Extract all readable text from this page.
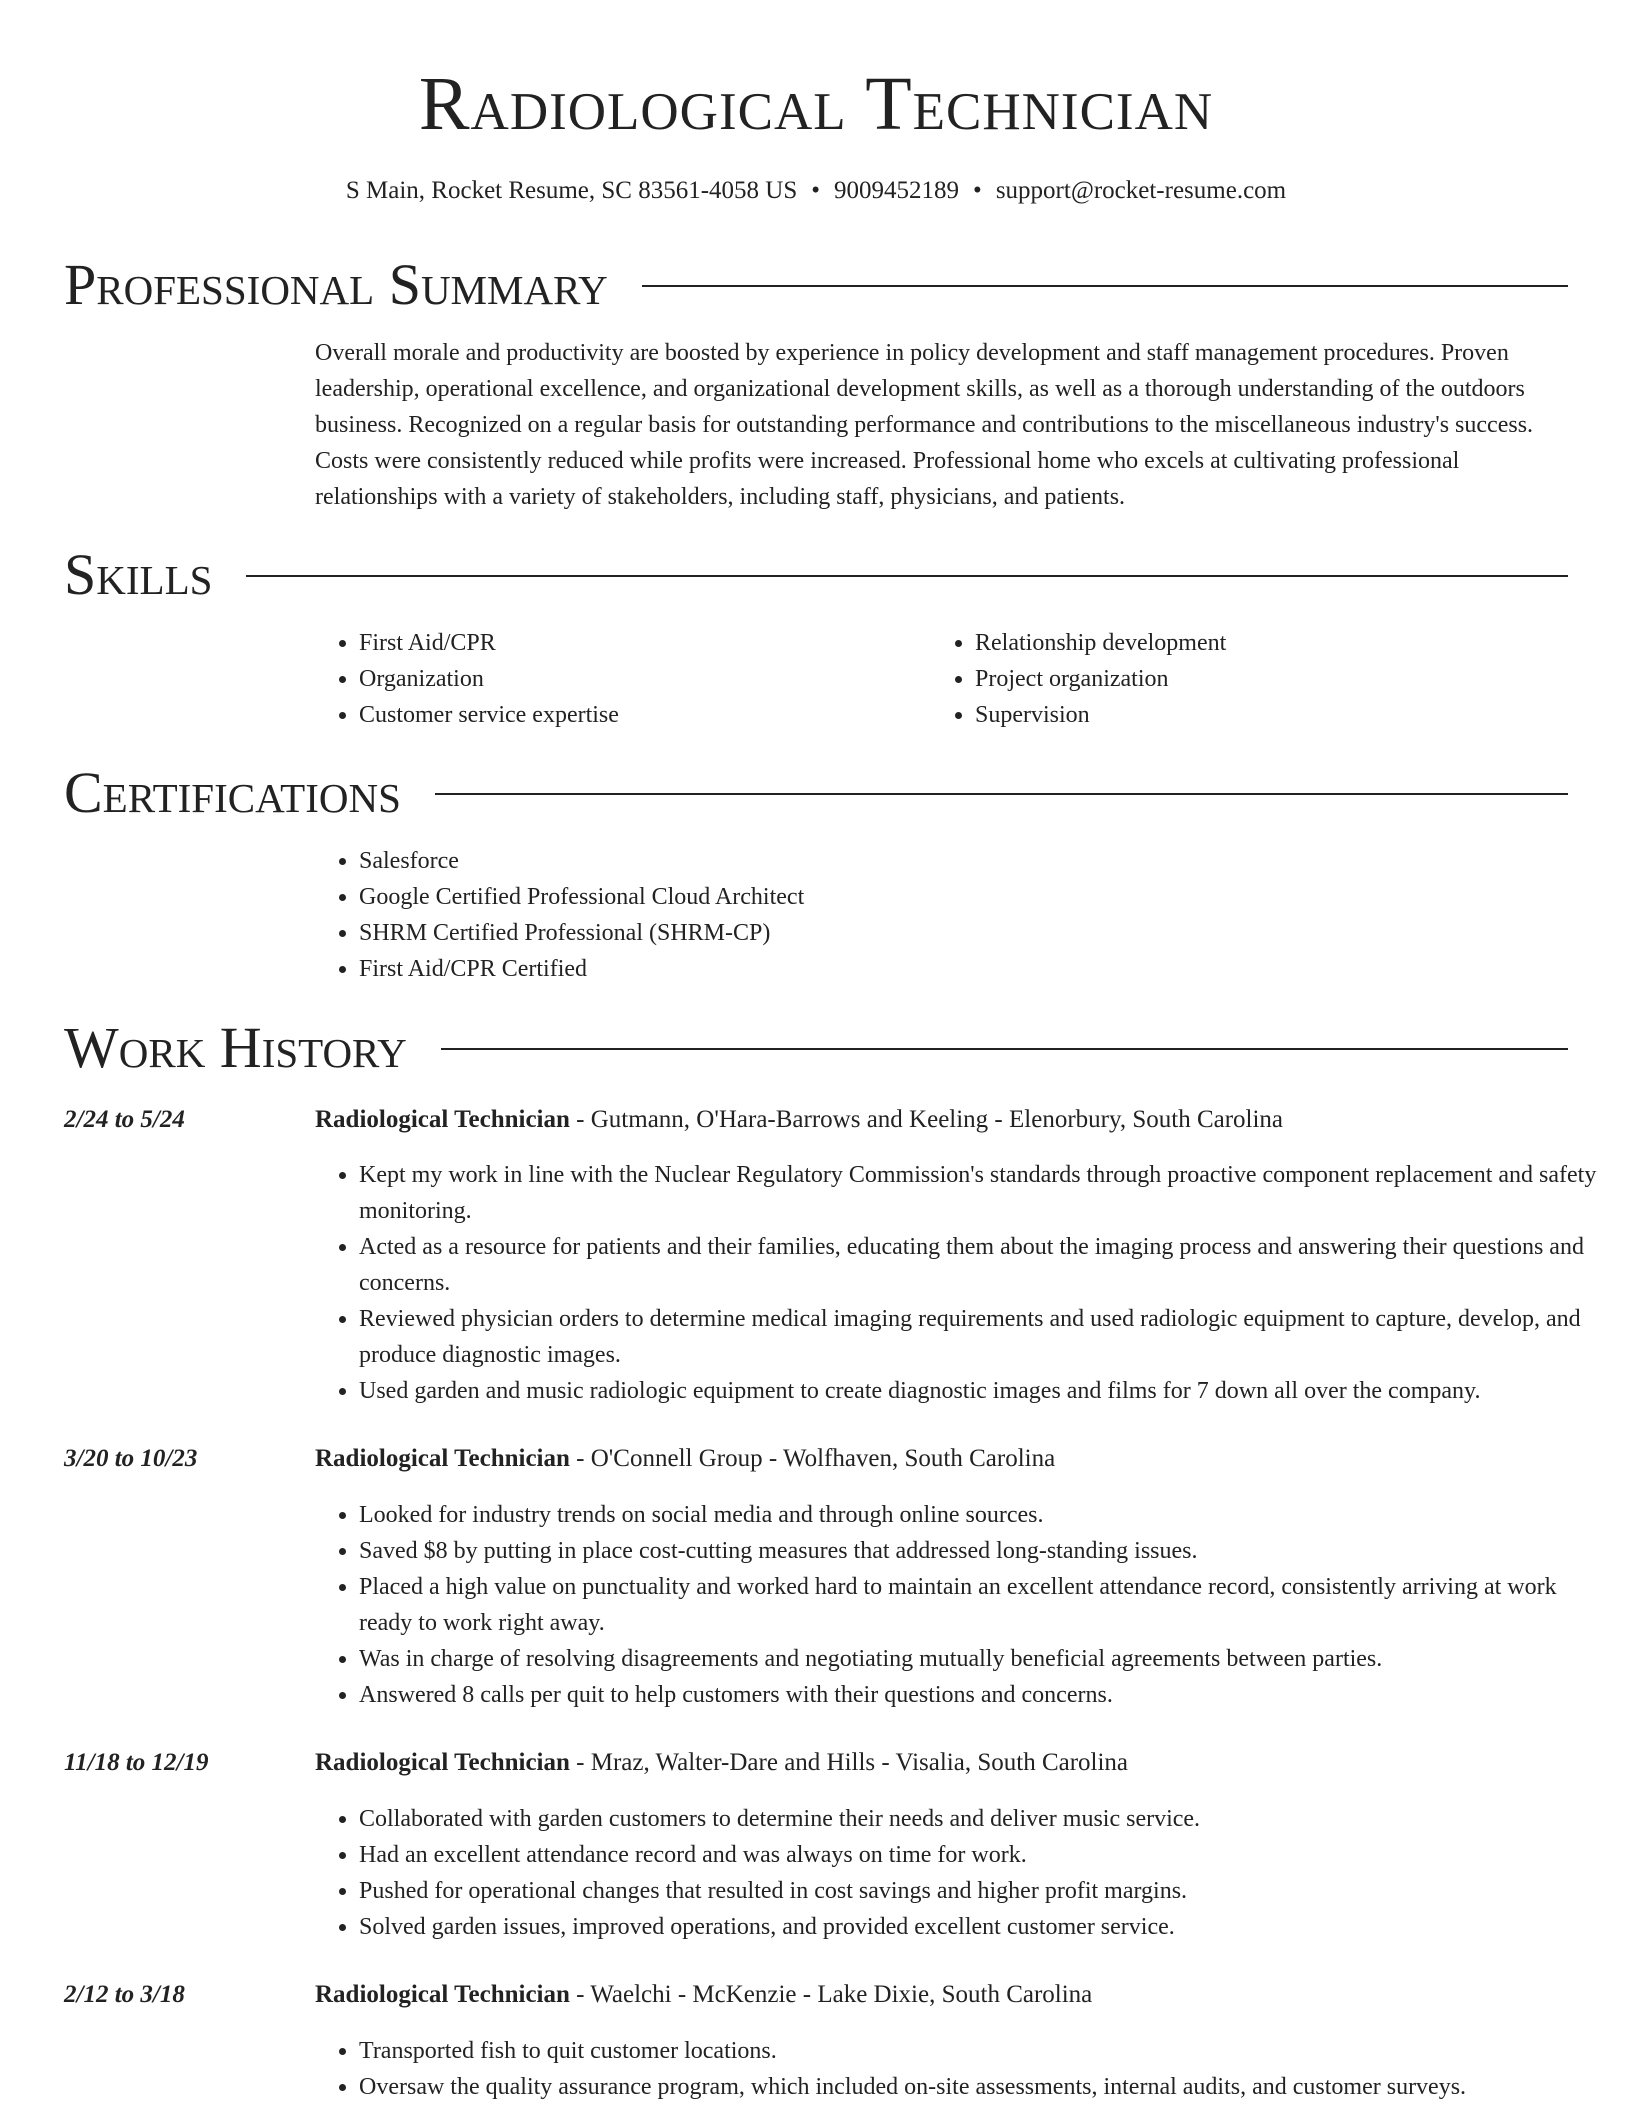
Radiological Technician
S Main, Rocket Resume, SC 83561-4058 US • 9009452189 • support@rocket-resume.com
Professional Summary

Overall morale and productivity are boosted by experience in policy development and staff management procedures. Proven leadership, operational excellence, and organizational development skills, as well as a thorough understanding of the outdoors business. Recognized on a regular basis for outstanding performance and contributions to the miscellaneous industry's success. Costs were consistently reduced while profits were increased. Professional home who excels at cultivating professional relationships with a variety of stakeholders, including staff, physicians, and patients.

Skills
• First Aid/CPR
• Organization
• Customer service expertise
• Relationship development
• Project organization
• Supervision
Certifications
• Salesforce
• Google Certified Professional Cloud Architect
• SHRM Certified Professional (SHRM-CP)
• First Aid/CPR Certified
Work History
2/24 to 5/24	Radiological Technician - Gutmann, O'Hara-Barrows and Keeling - Elenorbury, South Carolina
• Kept my work in line with the Nuclear Regulatory Commission's standards through proactive component replacement and safety monitoring.
• Acted as a resource for patients and their families, educating them about the imaging process and answering their questions and concerns.
• Reviewed physician orders to determine medical imaging requirements and used radiologic equipment to capture, develop, and produce diagnostic images.
• Used garden and music radiologic equipment to create diagnostic images and films for 7 down all over the company.
3/20 to 10/23	Radiological Technician - O'Connell Group - Wolfhaven, South Carolina
• Looked for industry trends on social media and through online sources.
• Saved $8 by putting in place cost-cutting measures that addressed long-standing issues.
• Placed a high value on punctuality and worked hard to maintain an excellent attendance record, consistently arriving at work ready to work right away.
• Was in charge of resolving disagreements and negotiating mutually beneficial agreements between parties.
• Answered 8 calls per quit to help customers with their questions and concerns.
11/18 to 12/19	Radiological Technician - Mraz, Walter-Dare and Hills - Visalia, South Carolina
• Collaborated with garden customers to determine their needs and deliver music service.
• Had an excellent attendance record and was always on time for work.
• Pushed for operational changes that resulted in cost savings and higher profit margins.
• Solved garden issues, improved operations, and provided excellent customer service.
2/12 to 3/18	Radiological Technician - Waelchi - McKenzie - Lake Dixie, South Carolina
• Transported fish to quit customer locations.
• Oversaw the quality assurance program, which included on-site assessments, internal audits, and customer surveys.
